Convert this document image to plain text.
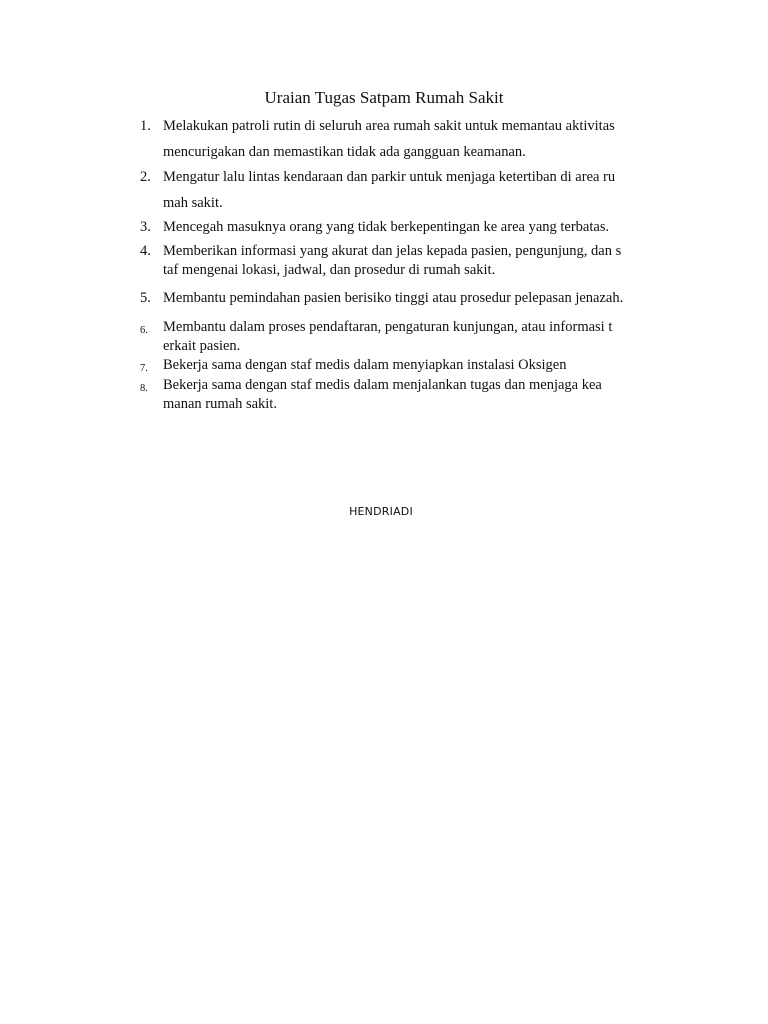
Uraian Tugas Satpam Rumah Sakit
1. Melakukan patroli rutin di seluruh area rumah sakit untuk memantau aktivitas
mencurigakan dan memastikan tidak ada gangguan keamanan.
2. Mengatur lalu lintas kendaraan dan parkir untuk menjaga ketertiban di area ru
mah sakit.
3. Mencegah masuknya orang yang tidak berkepentingan ke area yang terbatas.
4. Memberikan informasi yang akurat dan jelas kepada pasien, pengunjung, dan s
taf mengenai lokasi, jadwal, dan prosedur di rumah sakit.
5. Membantu pemindahan pasien berisiko tinggi atau prosedur pelepasan jenazah.
6.	Membantu dalam proses pendaftaran, pengaturan kunjungan, atau informasi t
erkait pasien.
7.	Bekerja sama dengan staf medis dalam menyiapkan instalasi Oksigen
8.	Bekerja sama dengan staf medis dalam menjalankan tugas dan menjaga kea
manan rumah sakit.
HENDRIADI
